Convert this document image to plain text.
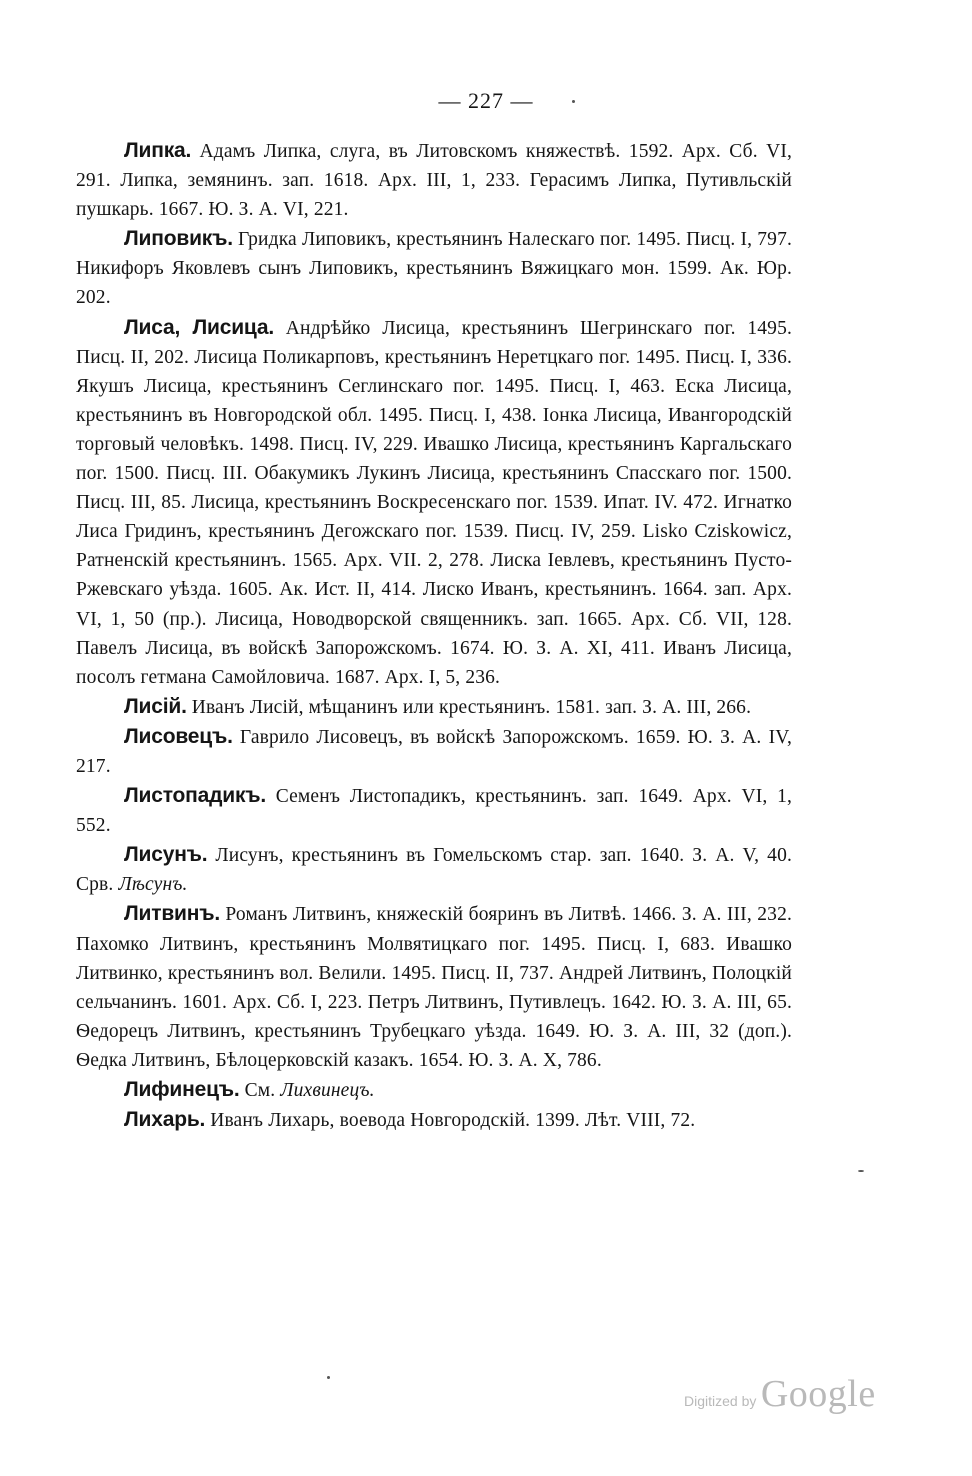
— 227 —

Липка. Адамъ Липка, слуга, въ Литовскомъ княжествѣ. 1592. Арх. Сб. VI, 291. Липка, земянинъ. зап. 1618. Арх. III, 1, 233. Герасимъ Липка, Путивльскій пушкарь. 1667. Ю. З. А. VI, 221.

Липовикъ. Гридка Липовикъ, крестьянинъ Налескаго пог. 1495. Писц. I, 797. Никифоръ Яковлевъ сынъ Липовикъ, крестьянинъ Вяжицкаго мон. 1599. Ак. Юр. 202.

Лиса, Лисица. Андрѣйко Лисица, крестьянинъ Шегринскаго пог. 1495. Писц. II, 202. Лисица Поликарповъ, крестьянинъ Неретцкаго пог. 1495. Писц. I, 336. Якушъ Лисица, крестьянинъ Сеглинскаго пог. 1495. Писц. I, 463. Еска Лисица, крестьянинъ въ Новгородской обл. 1495. Писц. I, 438. Іонка Лисица, Ивангородскій торговый человѣкъ. 1498. Писц. IV, 229. Ивашко Лисица, крестьянинъ Каргальскаго пог. 1500. Писц. III. Обакумикъ Лукинъ Лисица, крестьянинъ Спасскаго пог. 1500. Писц. III, 85. Лисица, крестьянинъ Воскресенскаго пог. 1539. Ипат. IV. 472. Игнатко Лиса Гридинъ, крестьянинъ Дегожскаго пог. 1539. Писц. IV, 259. Lisko Cziskowicz, Ратненскій крестьянинъ. 1565. Арх. VII. 2, 278. Лиска Іевлевъ, крестьянинъ Пусто-Ржевскаго уѣзда. 1605. Ак. Ист. II, 414. Лиско Иванъ, крестьянинъ. 1664. зап. Арх. VI, 1, 50 (пр.). Лисица, Новодворской священникъ. зап. 1665. Арх. Сб. VII, 128. Павелъ Лисица, въ войскѣ Запорожскомъ. 1674. Ю. З. А. XI, 411. Иванъ Лисица, посолъ гетмана Самойловича. 1687. Арх. I, 5, 236.

Лисій. Иванъ Лисій, мѣщанинъ или крестьянинъ. 1581. зап. З. А. III, 266.

Лисовецъ. Гаврило Лисовецъ, въ войскѣ Запорожскомъ. 1659. Ю. З. А. IV, 217.

Листопадикъ. Семенъ Листопадикъ, крестьянинъ. зап. 1649. Арх. VI, 1, 552.

Лисунъ. Лисунъ, крестьянинъ въ Гомельскомъ стар. зап. 1640. З. А. V, 40. Срв. Лѣсунъ.

Литвинъ. Романъ Литвинъ, княжескій бояринъ въ Литвѣ. 1466. З. А. III, 232. Пахомко Литвинъ, крестьянинъ Молвятицкаго пог. 1495. Писц. I, 683. Ивашко Литвинко, крестьянинъ вол. Велили. 1495. Писц. II, 737. Андрей Литвинъ, Полоцкій сельчанинъ. 1601. Арх. Сб. I, 223. Петръ Литвинъ, Путивлецъ. 1642. Ю. З. А. III, 65. Ѳедорецъ Литвинъ, крестьянинъ Трубецкаго уѣзда. 1649. Ю. З. А. III, 32 (доп.). Ѳедка Литвинъ, Бѣлоцерковскій казакъ. 1654. Ю. З. А. X, 786.

Лифинецъ. См. Лихвинецъ.

Лихарь. Иванъ Лихарь, воевода Новгородскій. 1399. Лѣт. VIII, 72.

Digitized by Google
